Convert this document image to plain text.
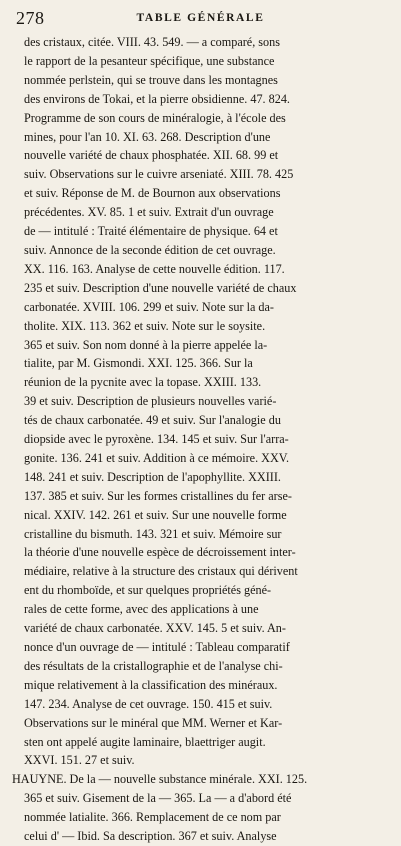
278	TABLE GÉNÉRALE
des cristaux, citée. VIII. 43. 549. — a comparé, sons
le rapport de la pesanteur spécifique, une substance
nommée perlstein, qui se trouve dans les montagnes
des environs de Tokai, et la pierre obsidienne. 47. 824.
Programme de son cours de minéralogie, à l'école des
mines, pour l'an 10. XI. 63. 268. Description d'une
nouvelle variété de chaux phosphatée. XII. 68. 99 et
suiv. Observations sur le cuivre arseniaté. XIII. 78. 425
et suiv. Réponse de M. de Bournon aux observations
précédentes. XV. 85. 1 et suiv. Extrait d'un ouvrage
de — intitulé : Traité élémentaire de physique. 64 et
suiv. Annonce de la seconde édition de cet ouvrage.
XX. 116. 163. Analyse de cette nouvelle édition. 117.
235 et suiv. Description d'une nouvelle variété de chaux
carbonatée. XVIII. 106. 299 et suiv. Note sur la da-
tholite. XIX. 113. 362 et suiv. Note sur le soysite.
365 et suiv. Son nom donné à la pierre appelée la-
tialite, par M. Gismondi. XXI. 125. 366. Sur la
réunion de la pycnite avec la topase. XXIII. 133.
39 et suiv. Description de plusieurs nouvelles varié-
tés de chaux carbonatée. 49 et suiv. Sur l'analogie du
diopside avec le pyroxène. 134. 145 et suiv. Sur l'arra-
gonite. 136. 241 et suiv. Addition à ce mémoire. XXV.
148. 241 et suiv. Description de l'apophyllite. XXIII.
137. 385 et suiv. Sur les formes cristallines du fer arse-
nical. XXIV. 142. 261 et suiv. Sur une nouvelle forme
cristalline du bismuth. 143. 321 et suiv. Mémoire sur
la théorie d'une nouvelle espèce de décroissement inter-
médiaire, relative à la structure des cristaux qui dérivent
ent du rhomboïde, et sur quelques propriétés géné-
rales de cette forme, avec des applications à une
variété de chaux carbonatée. XXV. 145. 5 et suiv. An-
nonce d'un ouvrage de — intitulé : Tableau comparatif
des résultats de la cristallographie et de l'analyse chi-
mique relativement à la classification des minéraux.
147. 234. Analyse de cet ouvrage. 150. 415 et suiv.
Observations sur le minéral que MM. Werner et Kar-
sten ont appelé augite laminaire, blaettriger augit.
XXVI. 151. 27 et suiv.
HAUYNE. De la — nouvelle substance minérale. XXI. 125.
365 et suiv. Gisement de la — 365. La — a d'abord été
nommée latialite. 366. Remplacement de ce nom par
celui d' — Ibid. Sa description. 367 et suiv. Analyse
